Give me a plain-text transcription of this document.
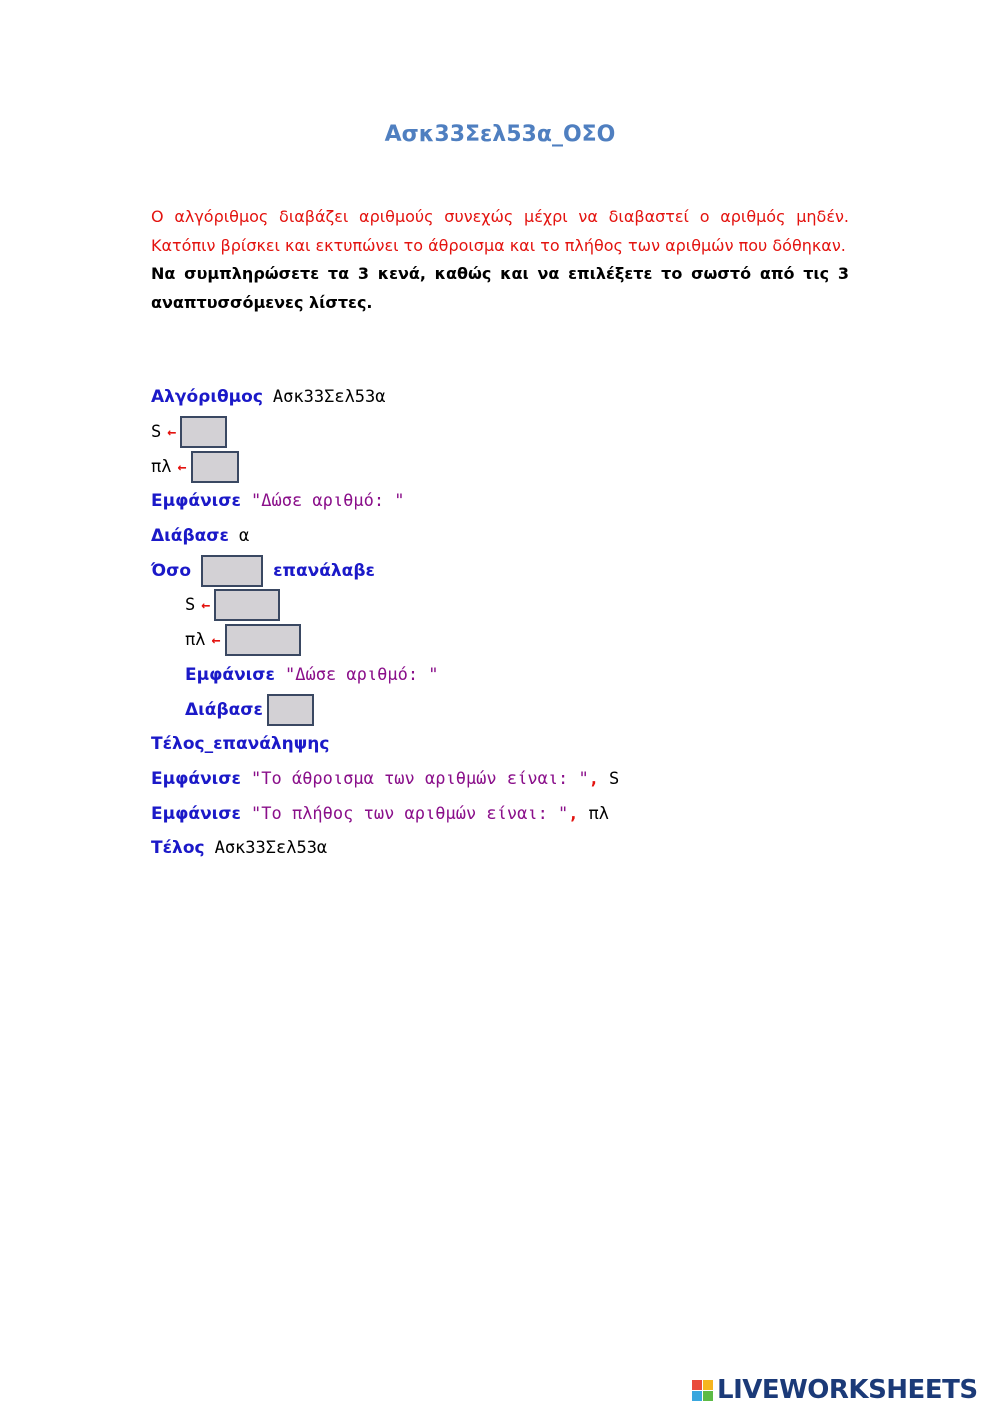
Ασκ33Σελ53α_ΟΣΟ
Ο αλγόριθμος διαβάζει αριθμούς συνεχώς μέχρι να διαβαστεί ο αριθμός μηδέν.
Κατόπιν βρίσκει και εκτυπώνει το άθροισμα και το πλήθος των αριθμών που δόθηκαν.
Να συμπληρώσετε τα 3 κενά, καθώς και να επιλέξετε το σωστό από τις 3 αναπτυσσόμενες λίστες.
Αλγόριθμος Ασκ33Σελ53α
S ←
πλ ←
Εμφάνισε "Δώσε αριθμό: "
Διάβασε α
Όσο	επανάλαβε
S ←
πλ ←
Εμφάνισε "Δώσε αριθμό: "
Διάβασε
Τέλος_επανάληψης
Εμφάνισε "Το άθροισμα των αριθμών είναι: " , S
Εμφάνισε "Το πλήθος των αριθμών είναι: " , πλ
Τέλος Ασκ33Σελ53α
LIVEWORKSHEETS
